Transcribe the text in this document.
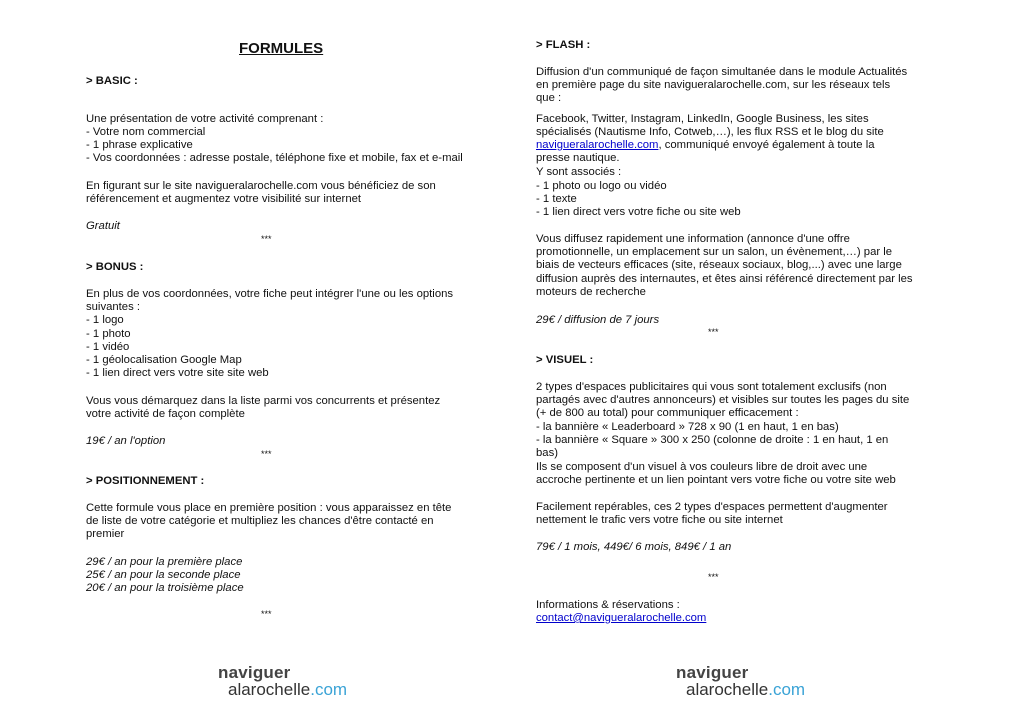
FORMULES
> BASIC :
Une présentation de votre activité comprenant :
- Votre nom commercial
- 1 phrase explicative
- Vos coordonnées : adresse postale, téléphone fixe et mobile, fax et e-mail
En figurant sur le site navigueralarochelle.com vous bénéficiez de son
référencement et augmentez votre visibilité sur internet
Gratuit
***
> BONUS :
En plus de vos coordonnées, votre fiche peut intégrer l'une ou les options
suivantes :
- 1 logo
- 1 photo
- 1 vidéo
- 1 géolocalisation Google Map
- 1 lien direct vers votre site site web
Vous vous démarquez dans la liste parmi vos concurrents et présentez
votre activité de façon complète
19€ / an l'option
***
> POSITIONNEMENT :
Cette formule vous place en première position : vous apparaissez en tête
de liste de votre catégorie et multipliez les chances d'être contacté en
premier
29€ / an pour la première place
25€ / an pour la seconde place
20€ / an pour la troisième place
***
> FLASH :
Diffusion d'un communiqué de façon simultanée dans le module Actualités
en première page du site navigueralarochelle.com, sur les réseaux tels
que :
Facebook, Twitter, Instagram, LinkedIn, Google Business, les sites
spécialisés (Nautisme Info, Cotweb,…), les flux RSS et le blog du site
navigueralarochelle.com, communiqué envoyé également à toute la
presse nautique.
Y sont associés :
- 1 photo ou logo ou vidéo
- 1 texte
- 1 lien direct vers votre fiche ou site web
Vous diffusez rapidement une information (annonce d'une offre
promotionnelle, un emplacement sur un salon, un évènement,…) par le
biais de vecteurs efficaces (site, réseaux sociaux, blog,...) avec une large
diffusion auprès des internautes, et êtes ainsi référencé directement par les
moteurs de recherche
29€ / diffusion de 7 jours
***
> VISUEL :
2 types d'espaces publicitaires qui vous sont totalement exclusifs (non
partagés avec d'autres annonceurs) et visibles sur toutes les pages du site
(+ de 800 au total) pour communiquer efficacement :
- la bannière « Leaderboard » 728 x 90 (1 en haut, 1 en bas)
- la bannière « Square » 300 x 250 (colonne de droite : 1 en haut, 1 en
bas)
Ils se composent d'un visuel à vos couleurs libre de droit avec une
accroche pertinente et un lien pointant vers votre fiche ou votre site web
Facilement repérables, ces 2 types d'espaces permettent d'augmenter
nettement le trafic vers votre fiche ou site internet
79€ / 1 mois, 449€/ 6 mois, 849€ / 1 an
***
Informations & réservations :
contact@navigueralarochelle.com
naviguer
alarochelle.com
naviguer
alarochelle.com
